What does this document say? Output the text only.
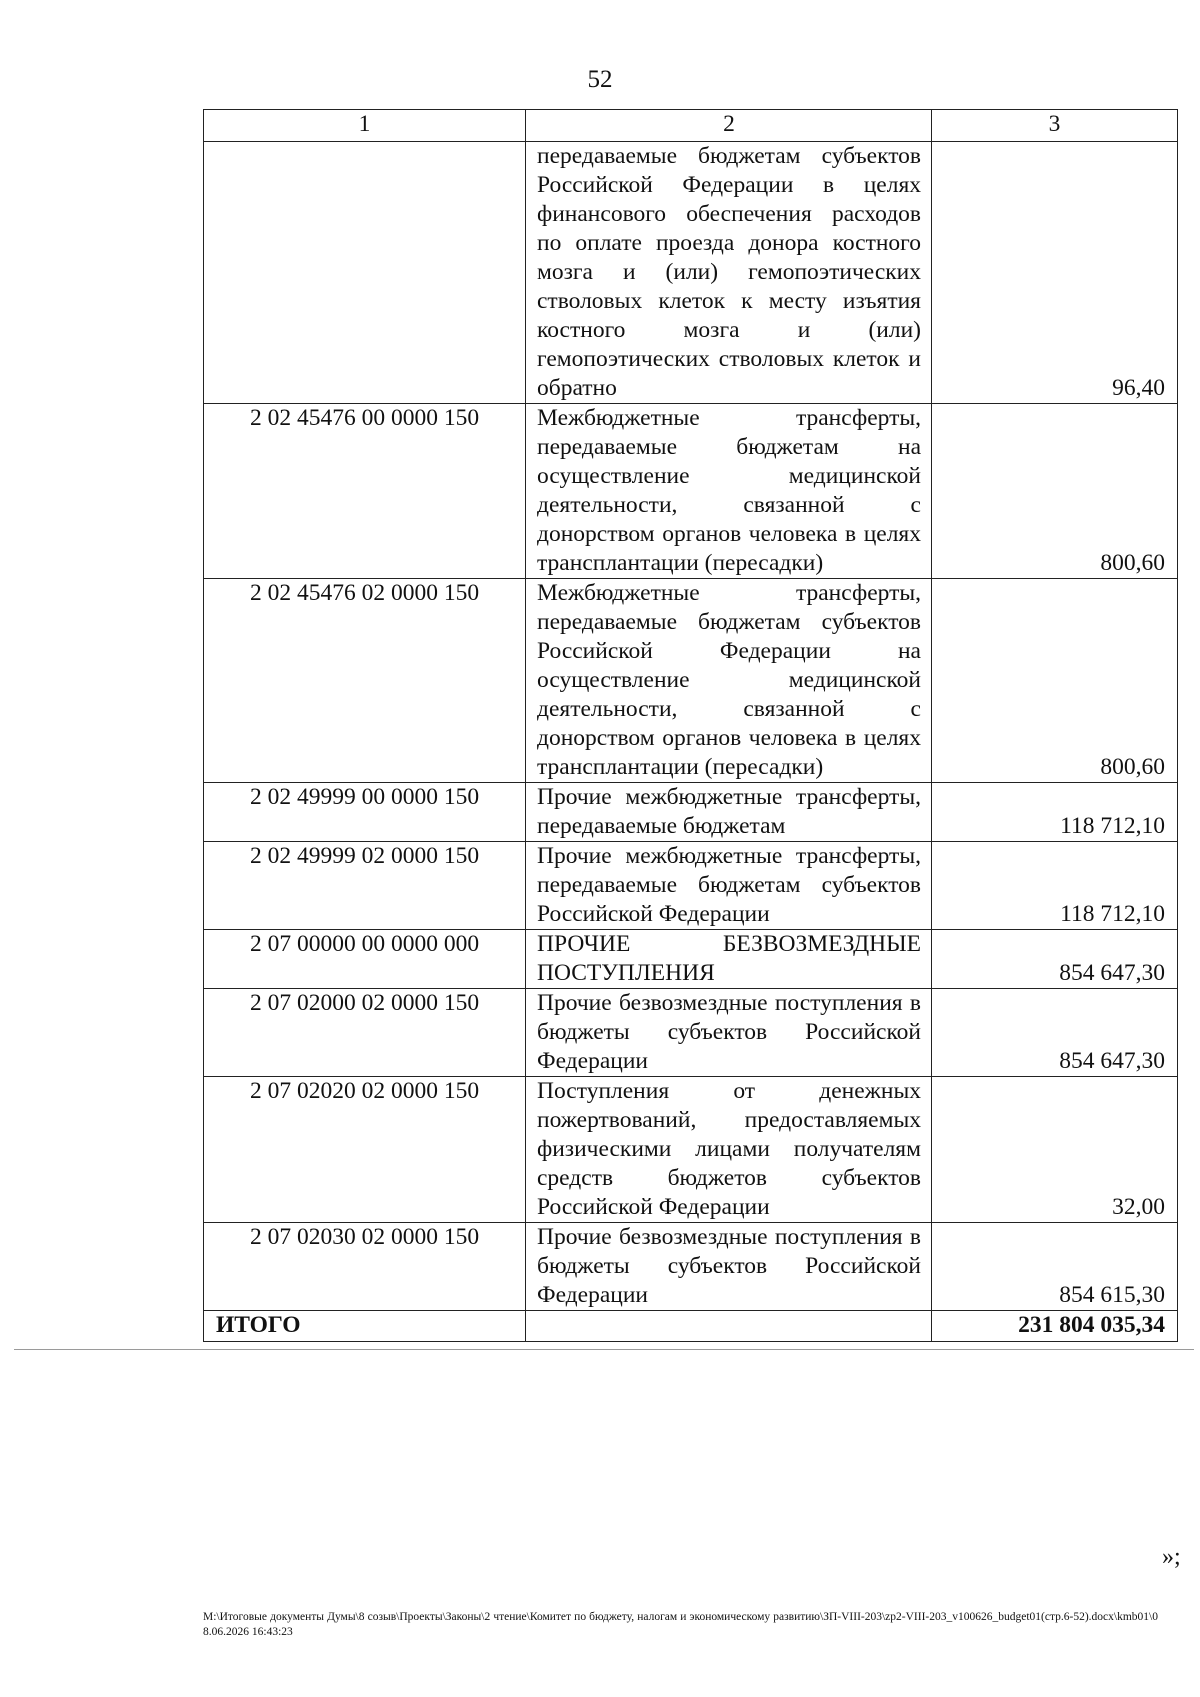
52
1	2	3
	передаваемые бюджетам субъектов Российской Федерации в целях финансового обеспечения расходов по оплате проезда донора костного мозга и (или) гемопоэтических стволовых клеток к месту изъятия костного мозга и (или) гемопоэтических стволовых клеток и обратно	96,40
2 02 45476 00 0000 150	Межбюджетные трансферты, передаваемые бюджетам на осуществление медицинской деятельности, связанной с донорством органов человека в целях трансплантации (пересадки)	800,60
2 02 45476 02 0000 150	Межбюджетные трансферты, передаваемые бюджетам субъектов Российской Федерации на осуществление медицинской деятельности, связанной с донорством органов человека в целях трансплантации (пересадки)	800,60
2 02 49999 00 0000 150	Прочие межбюджетные трансферты, передаваемые бюджетам	118 712,10
2 02 49999 02 0000 150	Прочие межбюджетные трансферты, передаваемые бюджетам субъектов Российской Федерации	118 712,10
2 07 00000 00 0000 000	ПРОЧИЕ БЕЗВОЗМЕЗДНЫЕ ПОСТУПЛЕНИЯ	854 647,30
2 07 02000 02 0000 150	Прочие безвозмездные поступления в бюджеты субъектов Российской Федерации	854 647,30
2 07 02020 02 0000 150	Поступления от денежных пожертвований, предоставляемых физическими лицами получателям средств бюджетов субъектов Российской Федерации	32,00
2 07 02030 02 0000 150	Прочие безвозмездные поступления в бюджеты субъектов Российской Федерации	854 615,30
ИТОГО		231 804 035,34
»;
M:\Итоговые документы Думы\8 созыв\Проекты\Законы\2 чтение\Комитет по бюджету, налогам и экономическому развитию\ЗП-VIII-203\zp2-VIII-203_v100626_budget01(стр.6-52).docx\kmb01\08.06.2026 16:43:23
